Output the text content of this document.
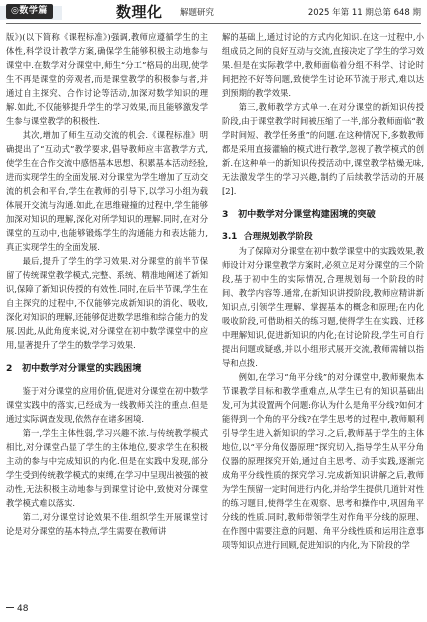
◎数学篇	数理化 解题研究	2025 年第 11 期总第 648 期

版》)(以下简称《课程标准》)强调,教师应遵循学生的主体性,科学设计教学方案,确保学生能够积极主动地参与课堂中.在数学对分课堂中,师生“分工”格局的出现,使学生不再是课堂的旁观者,而是课堂教学的积极参与者,并通过自主探究、合作讨论等活动,加深对数学知识的理解.如此,不仅能够提升学生的学习效果,而且能够激发学生参与课堂教学的积极性.

其次,增加了师生互动交流的机会.《课程标准》明确提出了“互动式”教学要求,倡导教师应丰富教学方式,使学生在合作交流中感悟基本思想、积累基本活动经验,进而实现学生的全面发展.对分课堂为学生增加了互动交流的机会和平台,学生在教师的引导下,以学习小组为载体展开交流与沟通.如此,在思维碰撞的过程中,学生能够加深对知识的理解,深化对所学知识的理解.同时,在对分课堂的互动中,也能够锻炼学生的沟通能力和表达能力,真正实现学生的全面发展.

最后,提升了学生的学习效果.对分课堂的前半节保留了传统课堂教学模式,完整、系统、精准地阐述了新知识,保障了新知识传授的有效性.同时,在后半节课,学生在自主探究的过程中,不仅能够完成新知识的消化、吸收,深化对知识的理解,还能够促进数学思维和综合能力的发展.因此,从此角度来说,对分课堂在初中数学课堂中的应用,显著提升了学生的数学学习效果.

2 初中数学对分课堂的实践困境

鉴于对分课堂的应用价值,促进对分课堂在初中数学课堂实践中的落实,已经成为一线教师关注的重点.但是通过实际调查发现,依然存在诸多困境.

第一,学生主体性弱,学习兴趣不浓.与传统教学模式相比,对分课堂凸显了学生的主体地位,要求学生在积极主动的参与中完成知识的内化.但是在实践中发现,部分学生受到传统教学模式的束缚,在学习中呈现出被强的被动性,无法积极主动地参与到课堂讨论中,致使对分课堂教学模式难以落实.

第二,对分课堂讨论效果不佳.组织学生开展课堂讨论是对分课堂的基本特点,学生需要在教师讲

解的基础上,通过讨论的方式内化知识.在这一过程中,小组成员之间的良好互动与交流,直接决定了学生的学习效果.但是在实际教学中,教师面临着分组不科学、讨论时间把控不好等问题,致使学生讨论环节流于形式,难以达到预期的教学效果.

第三,教师教学方式单一.在对分课堂的新知识传授阶段,由于课堂教学时间被压缩了一半,部分教师面临“教学时间短、教学任务重”的问题.在这种情况下,多数教师都是采用直接灌输的模式进行教学,忽视了教学模式的创新.在这种单一的新知识传授活动中,课堂教学枯燥无味,无法激发学生的学习兴趣,制约了后续教学活动的开展[2].

3 初中数学对分课堂构建困境的突破
3.1 合理规划教学阶段

为了保障对分课堂在初中数学课堂中的实践效果,教师设计对分课堂教学方案时,必须立足对分课堂的三个阶段,基于初中生的实际情况,合理规划每一个阶段的时间、教学内容等.通常,在新知识讲授阶段,教师应精讲新知识点,引领学生理解、掌握基本的概念和原理;在内化吸收阶段,可借助相关的练习题,使得学生在实践、迁移中理解知识,促进新知识的内化;在讨论阶段,学生可自行提出问题或疑惑,并以小组形式展开交流,教师需辅以指导和点拨.

例如,在学习“角平分线”的对分课堂中,教师聚焦本节课教学目标和教学重难点,从学生已有的知识基础出发,可为其设置两个问题:你认为什么是角平分线?如何才能得到一个角的平分线?在学生思考的过程中,教师顺利引导学生进入新知识的学习.之后,教师基于学生的主体地位,以“平分角仪器原理”探究切入,指导学生从平分角仪器的原理探究开始,通过自主思考、动手实践,逐渐完成角平分线性质的探究学习.完成新知识讲解之后,教师为学生预留一定时间进行内化,并给学生提供几道针对性的练习题目,使得学生在观察、思考和操作中,巩固角平分线的性质.同时,教师带领学生对作角平分线的原理、在作图中需要注意的问题、角平分线性质和运用注意事项等知识点进行回顾,促进知识的内化,为下阶段的学

48
